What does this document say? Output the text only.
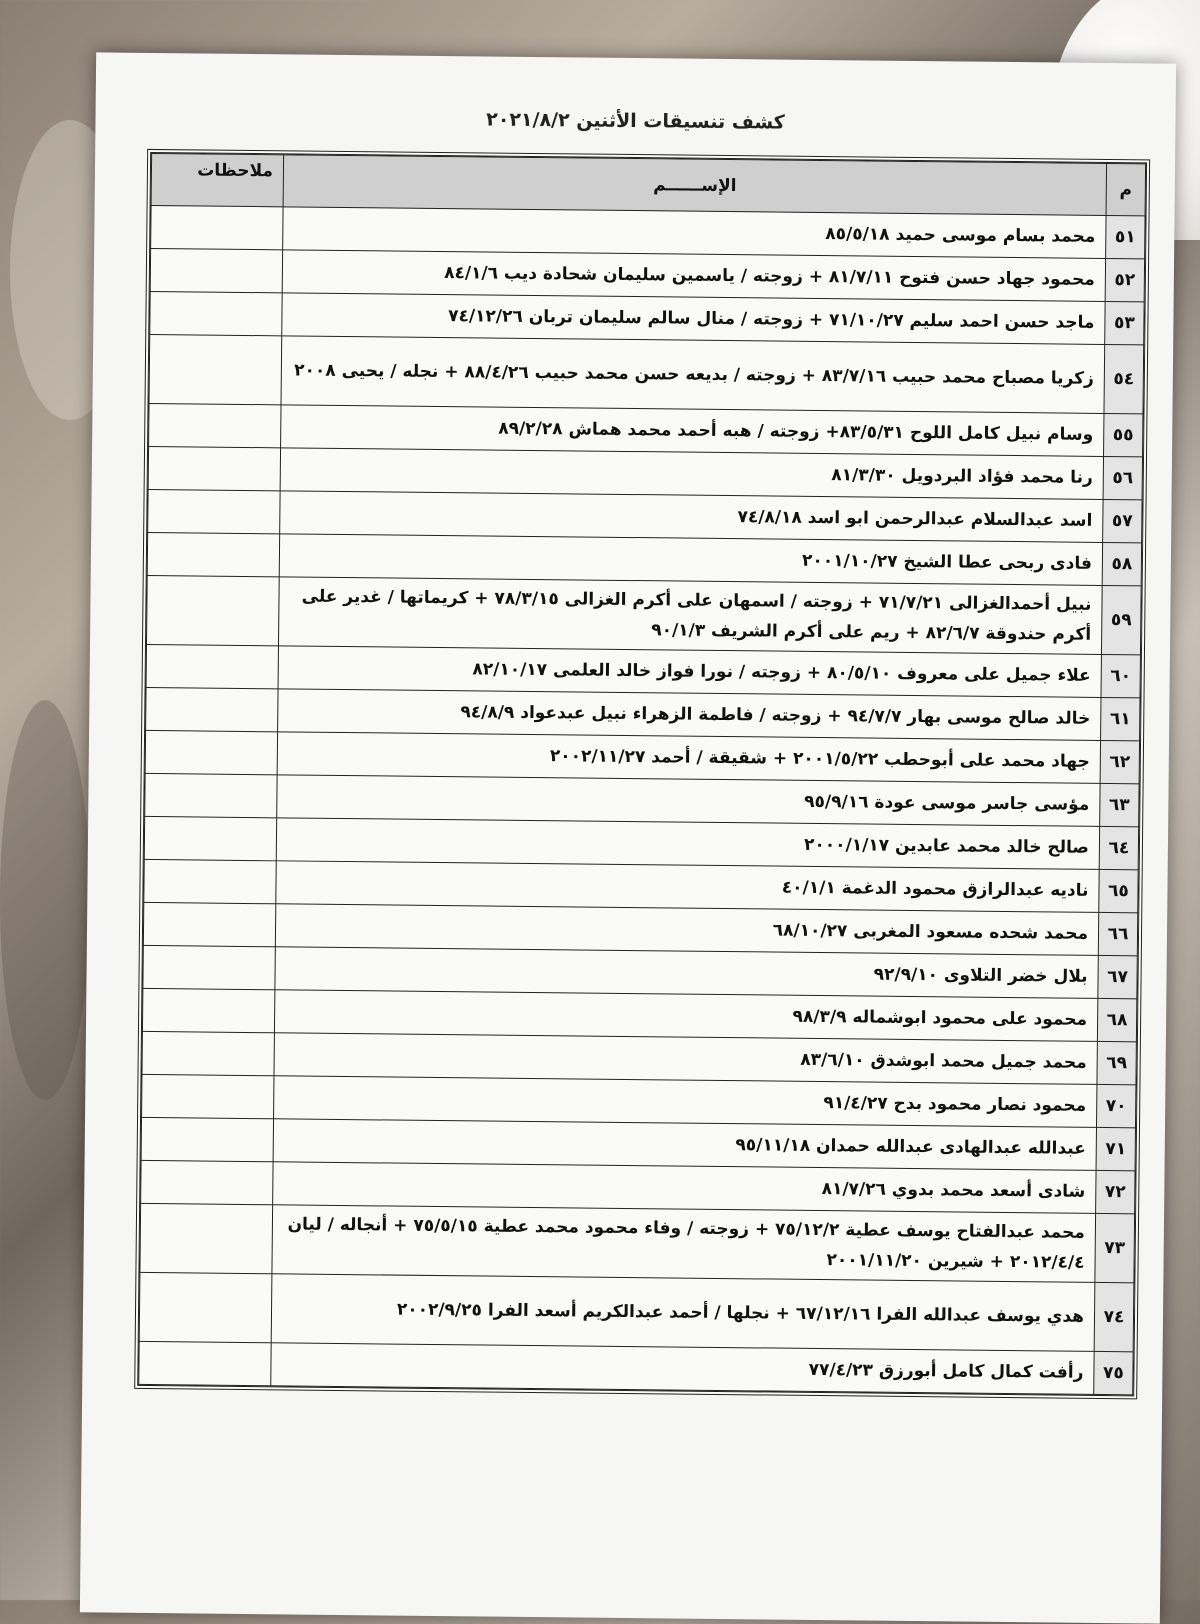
كشف تنسيقات الأثنين ٢٠٢١/٨/٢
م	الإســــــم	ملاحظات
٥١	محمد بسام موسى حميد ٨٥/٥/١٨	
٥٢	محمود جهاد حسن فتوح ٨١/٧/١١ + زوجته / ياسمين سليمان شحادة ديب ٨٤/١/٦	
٥٣	ماجد حسن احمد سليم ٧١/١٠/٢٧ + زوجته / منال سالم سليمان تربان ٧٤/١٢/٢٦	
٥٤	زكريا مصباح محمد حبيب ٨٣/٧/١٦ + زوجته / بديعه حسن محمد حبيب ٨٨/٤/٢٦ + نجله / يحيى ٢٠٠٨	
٥٥	وسام نبيل كامل اللوح ٨٣/٥/٣١+ زوجته / هبه أحمد محمد هماش ٨٩/٢/٢٨	
٥٦	رنا محمد فؤاد البردويل ٨١/٣/٣٠	
٥٧	اسد عبدالسلام عبدالرحمن ابو اسد ٧٤/٨/١٨	
٥٨	فادى ربحى عطا الشيخ ٢٠٠١/١٠/٢٧	
٥٩	نبيل أحمدالغزالى ٧١/٧/٢١ + زوجته / اسمهان على أكرم الغزالى ٧٨/٣/١٥ + كريماتها / غدير على أكرم حندوقة ٨٢/٦/٧ + ريم على أكرم الشريف ٩٠/١/٣	
٦٠	علاء جميل على معروف ٨٠/٥/١٠ + زوجته / نورا فواز خالد العلمى ٨٢/١٠/١٧	
٦١	خالد صالح موسى بهار ٩٤/٧/٧ + زوجته / فاطمة الزهراء نبيل عبدعواد ٩٤/٨/٩	
٦٢	جهاد محمد على أبوحطب ٢٠٠١/٥/٢٢ + شقيقة / أحمد ٢٠٠٢/١١/٢٧	
٦٣	مؤسى جاسر موسى عودة ٩٥/٩/١٦	
٦٤	صالح خالد محمد عابدين ٢٠٠٠/١/١٧	
٦٥	ناديه عبدالرازق محمود الدغمة ٤٠/١/١	
٦٦	محمد شحده مسعود المغربى ٦٨/١٠/٢٧	
٦٧	بلال خضر التلاوى ٩٢/٩/١٠	
٦٨	محمود على محمود ابوشماله ٩٨/٣/٩	
٦٩	محمد جميل محمد ابوشدق ٨٣/٦/١٠	
٧٠	محمود نصار محمود بدح ٩١/٤/٢٧	
٧١	عبدالله عبدالهادى عبدالله حمدان ٩٥/١١/١٨	
٧٢	شادى أسعد محمد بدوي ٨١/٧/٢٦	
٧٣	محمد عبدالفتاح يوسف عطية ٧٥/١٢/٢ + زوجته / وفاء محمود محمد عطية ٧٥/٥/١٥ + أنجاله / ليان ٢٠١٢/٤/٤ + شيرين ٢٠٠١/١١/٢٠	
٧٤	هدي يوسف عبدالله الفرا ٦٧/١٢/١٦ + نجلها / أحمد عبدالكريم أسعد الفرا ٢٠٠٢/٩/٢٥	
٧٥	رأفت كمال كامل أبورزق ٧٧/٤/٢٣	
